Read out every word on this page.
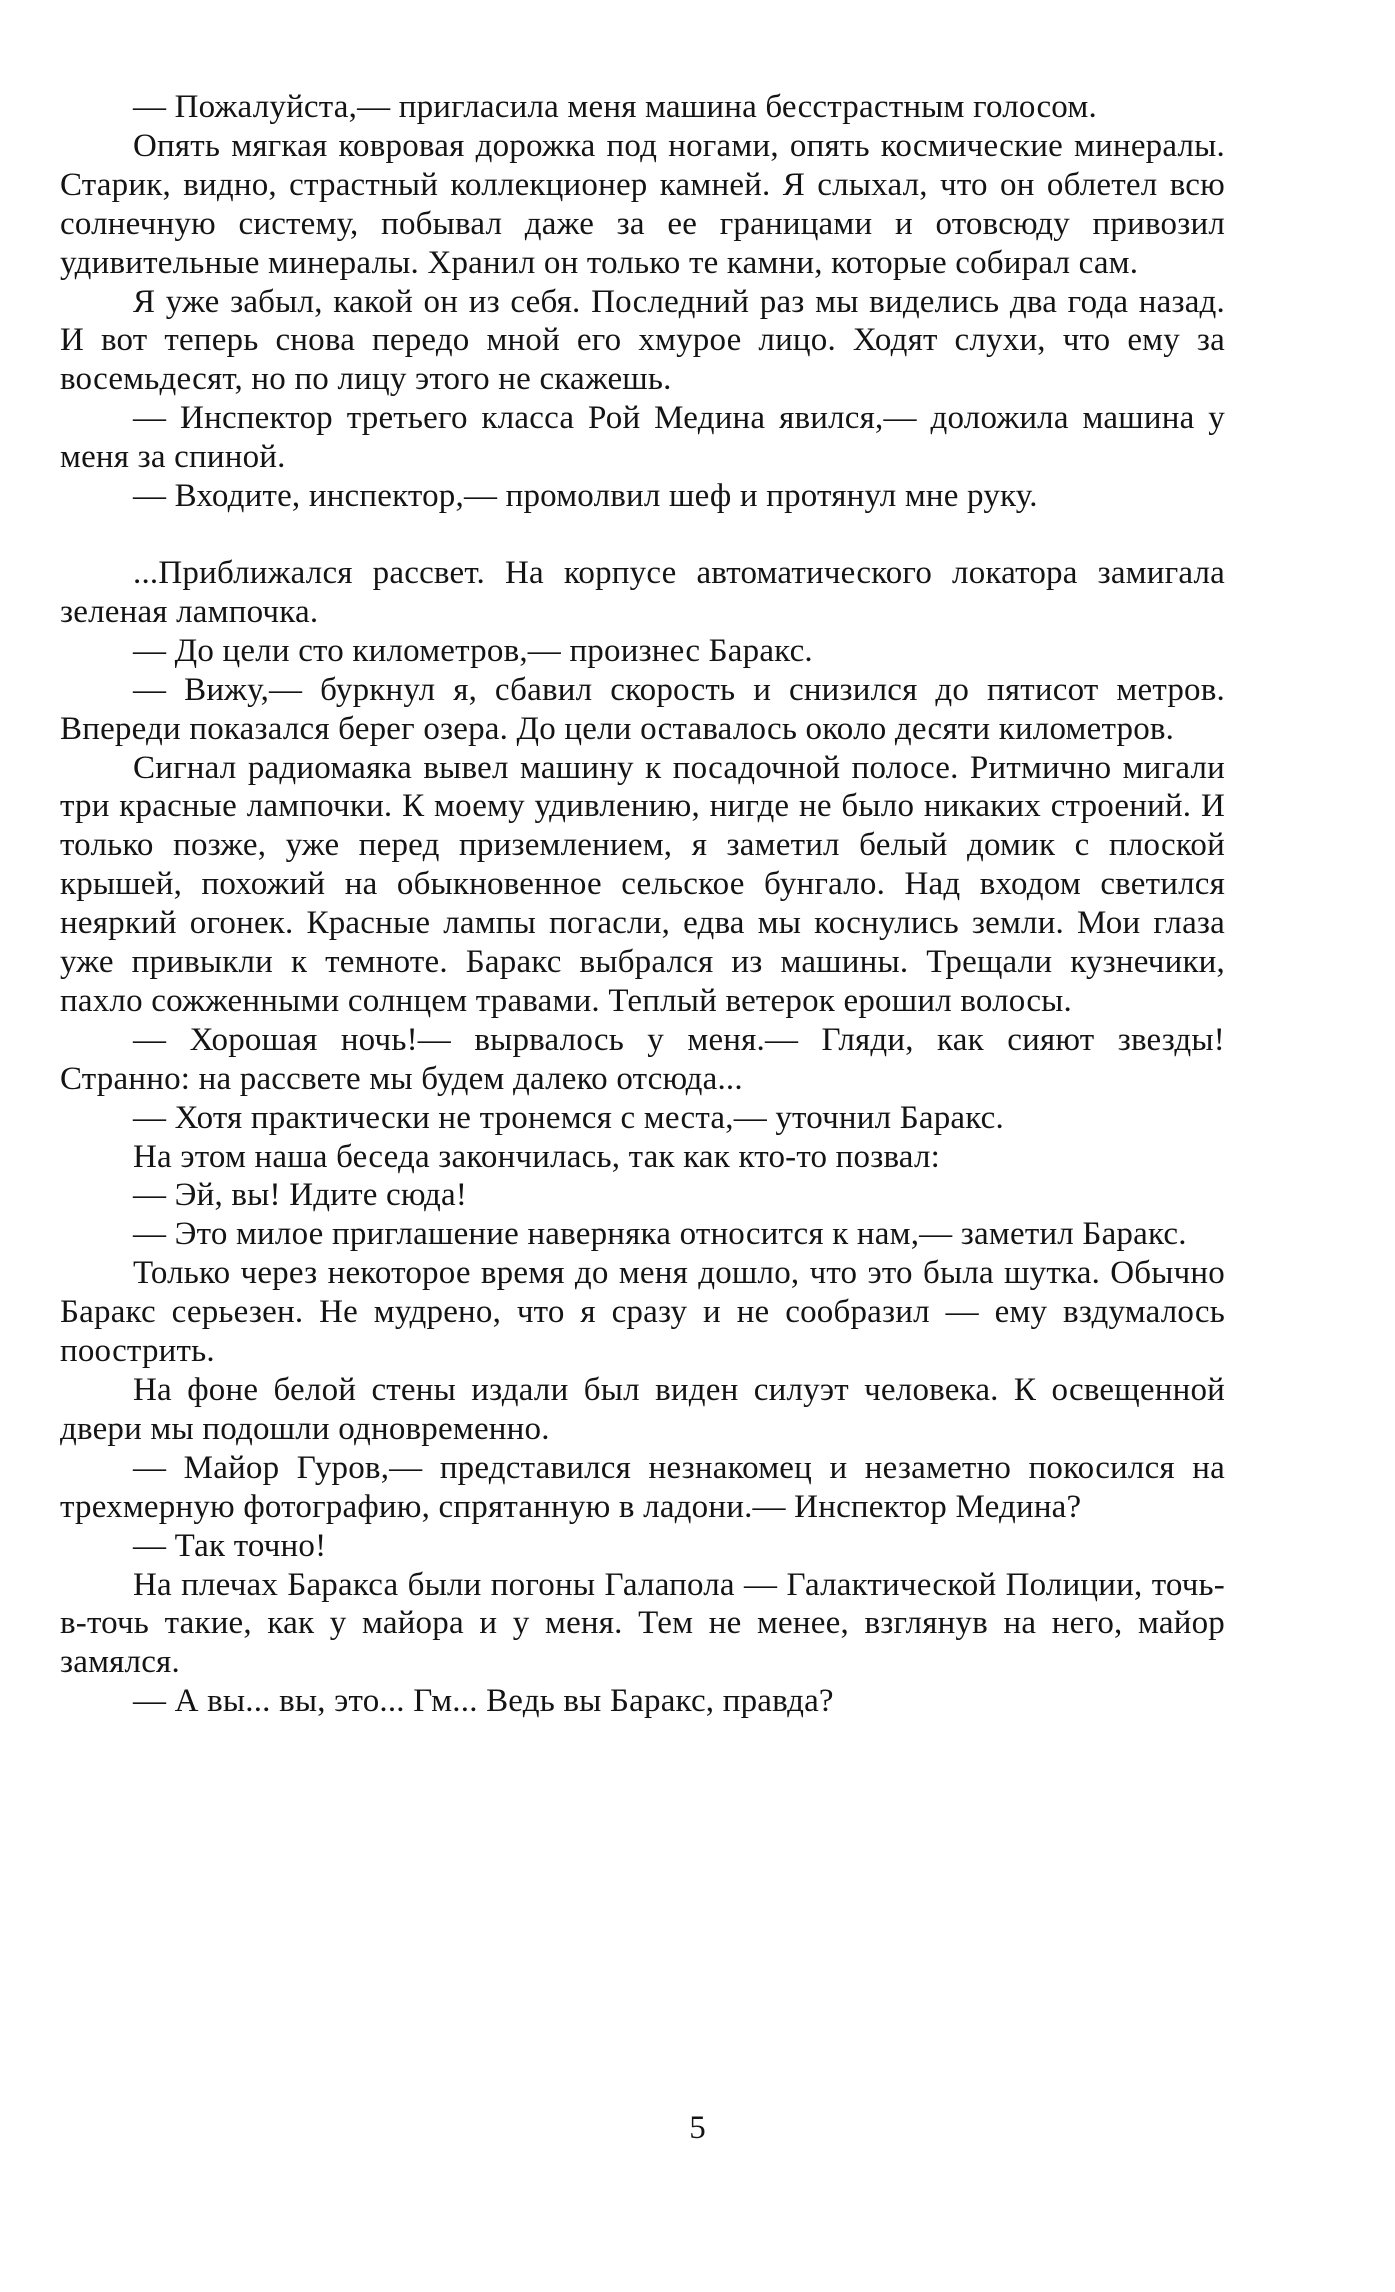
— Пожалуйста,— пригласила меня машина бесстрастным голосом.

Опять мягкая ковровая дорожка под ногами, опять космические минералы. Старик, видно, страстный коллекционер камней. Я слыхал, что он облетел всю солнечную систему, побывал даже за ее границами и отовсюду привозил удивительные минералы. Хранил он только те камни, которые собирал сам.

Я уже забыл, какой он из себя. Последний раз мы виделись два года назад. И вот теперь снова передо мной его хмурое лицо. Ходят слухи, что ему за восемьдесят, но по лицу этого не скажешь.

— Инспектор третьего класса Рой Медина явился,— доложила машина у меня за спиной.

— Входите, инспектор,— промолвил шеф и протянул мне руку.

...Приближался рассвет. На корпусе автоматического локатора замигала зеленая лампочка.

— До цели сто километров,— произнес Баракс.

— Вижу,— буркнул я, сбавил скорость и снизился до пятисот метров. Впереди показался берег озера. До цели оставалось около десяти километров.

Сигнал радиомаяка вывел машину к посадочной полосе. Ритмично мигали три красные лампочки. К моему удивлению, нигде не было никаких строений. И только позже, уже перед приземлением, я заметил белый домик с плоской крышей, похожий на обыкновенное сельское бунгало. Над входом светился неяркий огонек. Красные лампы погасли, едва мы коснулись земли. Мои глаза уже привыкли к темноте. Баракс выбрался из машины. Трещали кузнечики, пахло сожженными солнцем травами. Теплый ветерок ерошил волосы.

— Хорошая ночь!— вырвалось у меня.— Гляди, как сияют звезды! Странно: на рассвете мы будем далеко отсюда...

— Хотя практически не тронемся с места,— уточнил Баракс.

На этом наша беседа закончилась, так как кто-то позвал:

— Эй, вы! Идите сюда!

— Это милое приглашение наверняка относится к нам,— заметил Баракс.

Только через некоторое время до меня дошло, что это была шутка. Обычно Баракс серьезен. Не мудрено, что я сразу и не сообразил — ему вздумалось поострить.

На фоне белой стены издали был виден силуэт человека. К освещенной двери мы подошли одновременно.

— Майор Гуров,— представился незнакомец и незаметно покосился на трехмерную фотографию, спрятанную в ладони.— Инспектор Медина?

— Так точно!

На плечах Баракса были погоны Галапола — Галактической Полиции, точь-в-точь такие, как у майора и у меня. Тем не менее, взглянув на него, майор замялся.

— А вы... вы, это... Гм... Ведь вы Баракс, правда?

5
